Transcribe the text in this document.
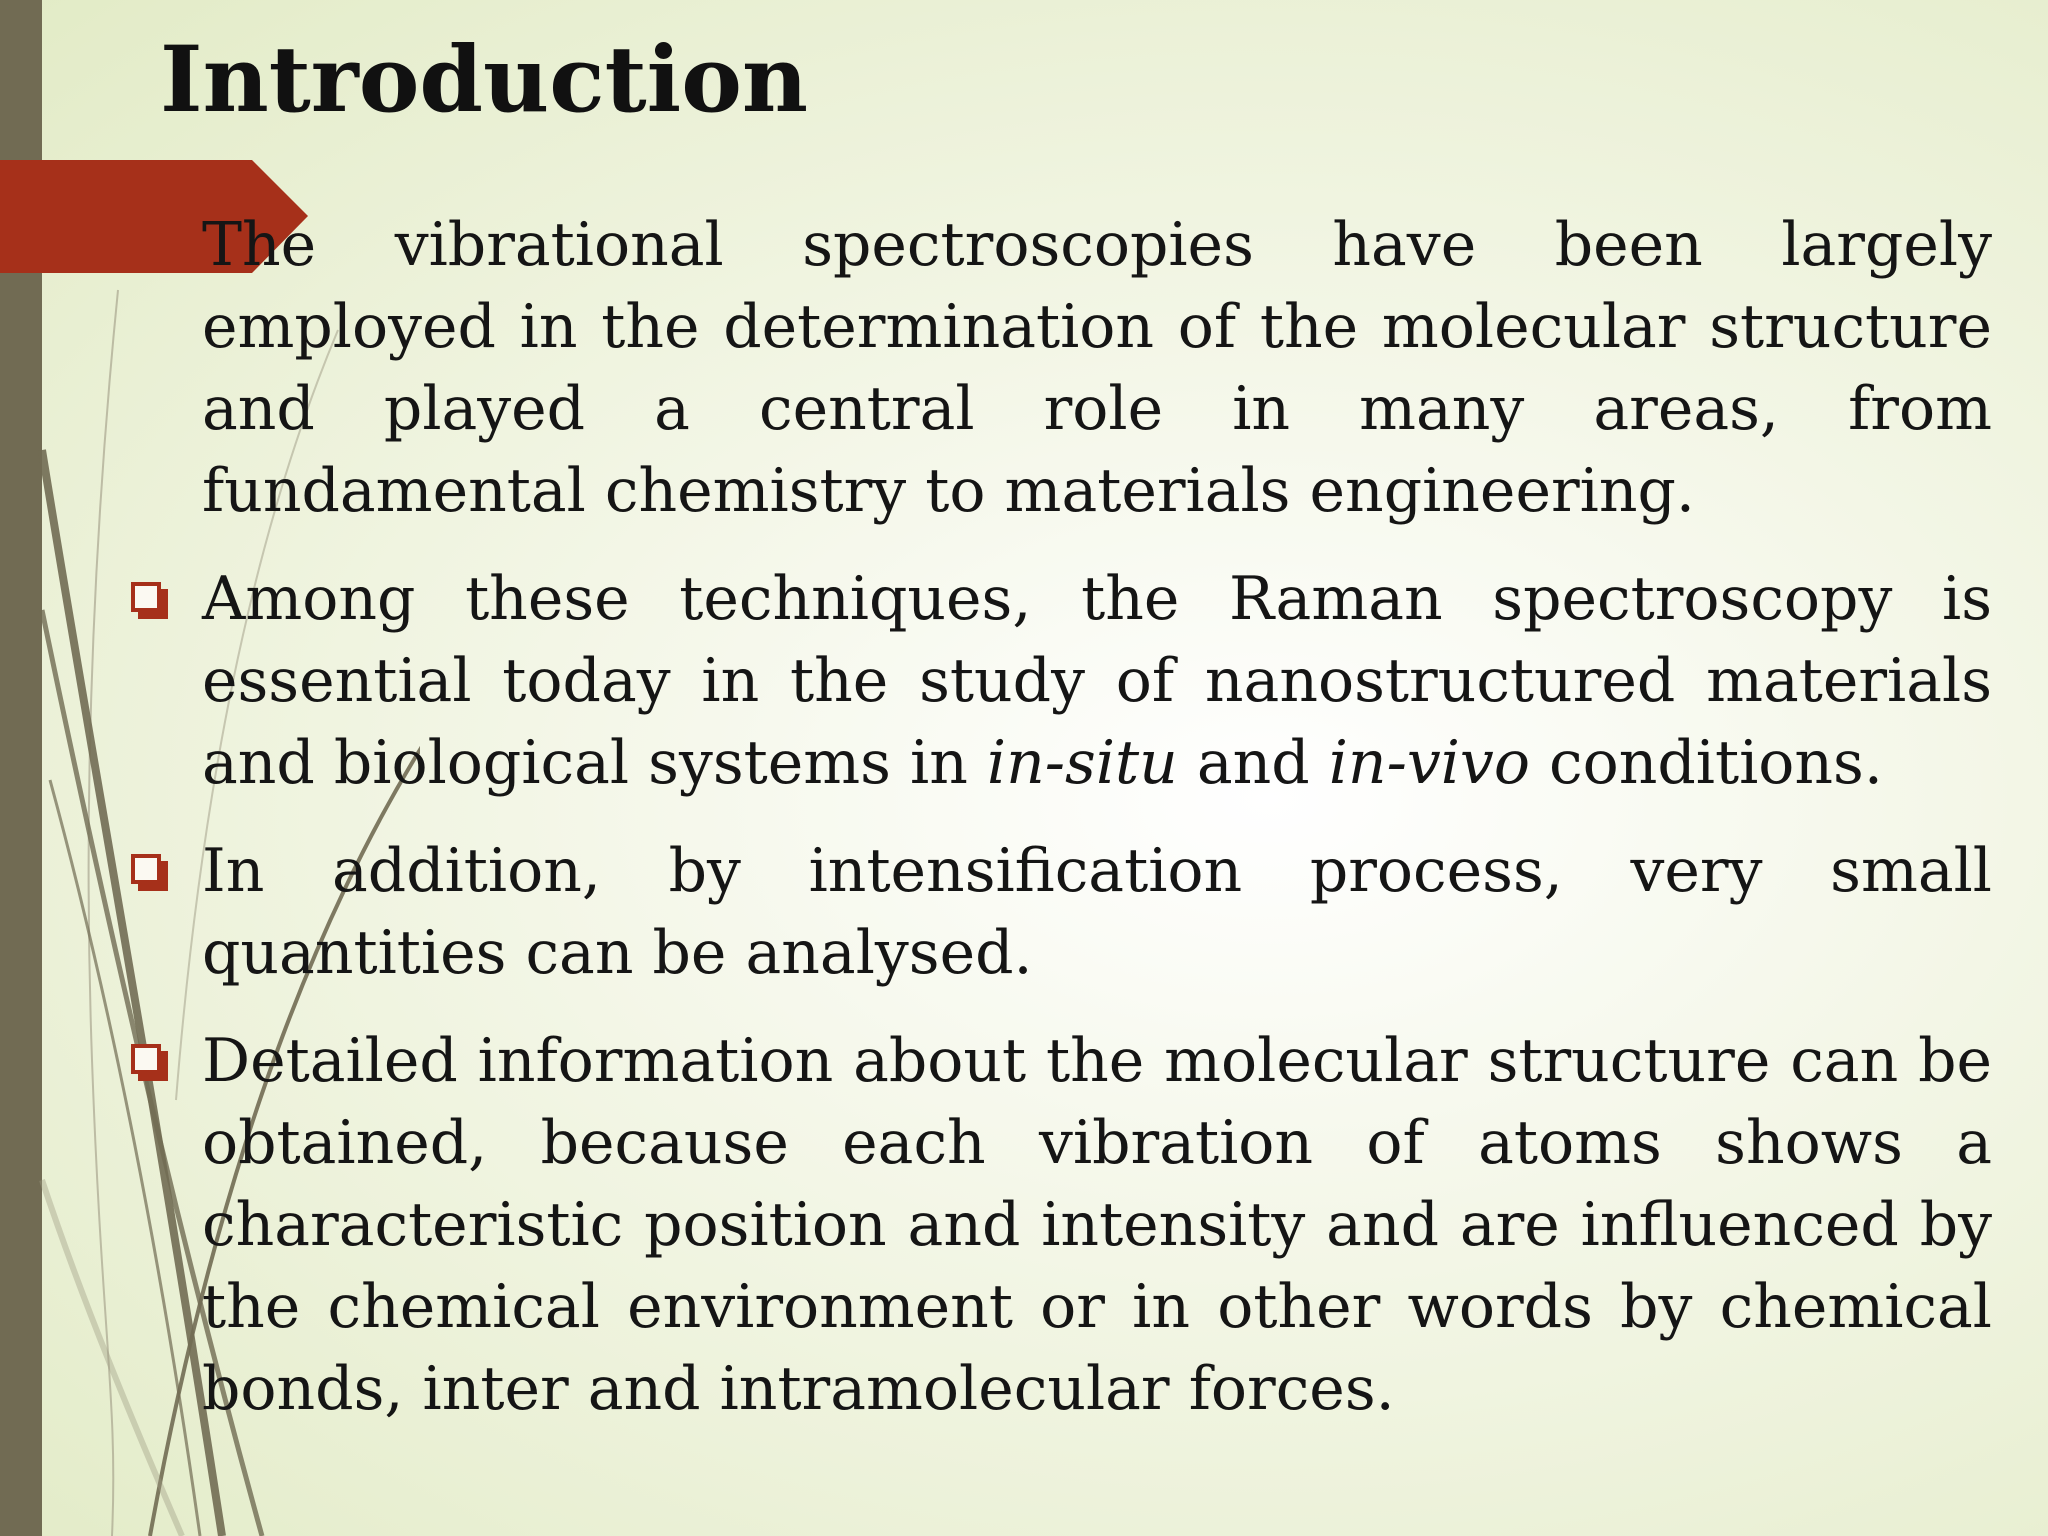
Introduction

The vibrational spectroscopies have been largely employed in the determination of the molecular structure and played a central role in many areas, from fundamental chemistry to materials engineering.

Among these techniques, the Raman spectroscopy is essential today in the study of nanostructured materials and biological systems in in-situ and in-vivo conditions.

In addition, by intensification process, very small quantities can be analysed.

Detailed information about the molecular structure can be obtained, because each vibration of atoms shows a characteristic position and intensity and are influenced by the chemical environment or in other words by chemical bonds, inter and intramolecular forces.
